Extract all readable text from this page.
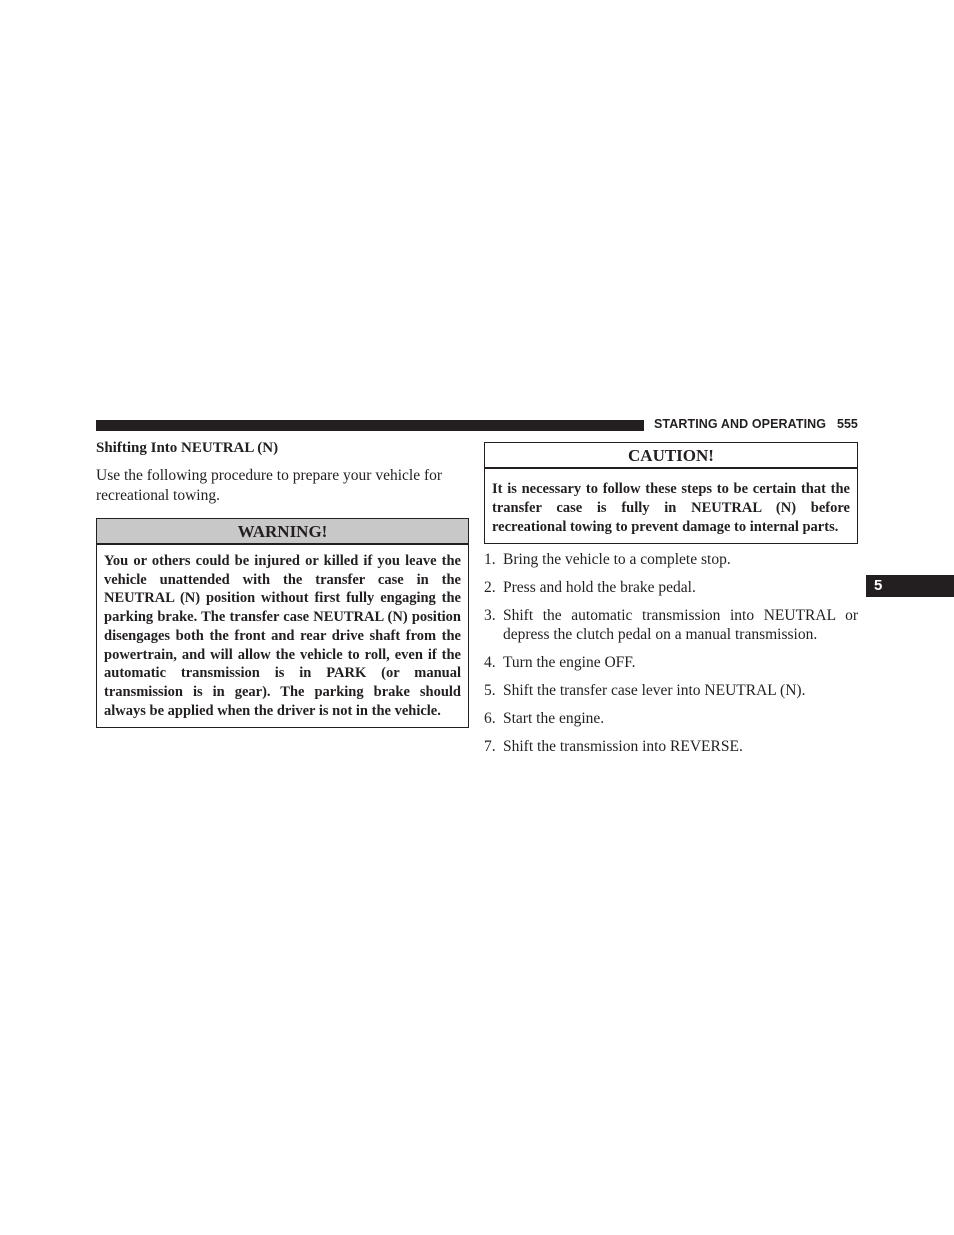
STARTING AND OPERATING 555
5
Shifting Into NEUTRAL (N)

Use the following procedure to prepare your vehicle for recreational towing.

WARNING!
You or others could be injured or killed if you leave the vehicle unattended with the transfer case in the NEUTRAL (N) position without first fully engaging the parking brake. The transfer case NEUTRAL (N) position disengages both the front and rear drive shaft from the powertrain, and will allow the vehicle to roll, even if the automatic transmission is in PARK (or manual transmission is in gear). The parking brake should always be applied when the driver is not in the vehicle.
CAUTION!
It is necessary to follow these steps to be certain that the transfer case is fully in NEUTRAL (N) before recreational towing to prevent damage to internal parts.
1. Bring the vehicle to a complete stop.
2. Press and hold the brake pedal.
3. Shift the automatic transmission into NEUTRAL or depress the clutch pedal on a manual transmission.
4. Turn the engine OFF.
5. Shift the transfer case lever into NEUTRAL (N).
6. Start the engine.
7. Shift the transmission into REVERSE.
